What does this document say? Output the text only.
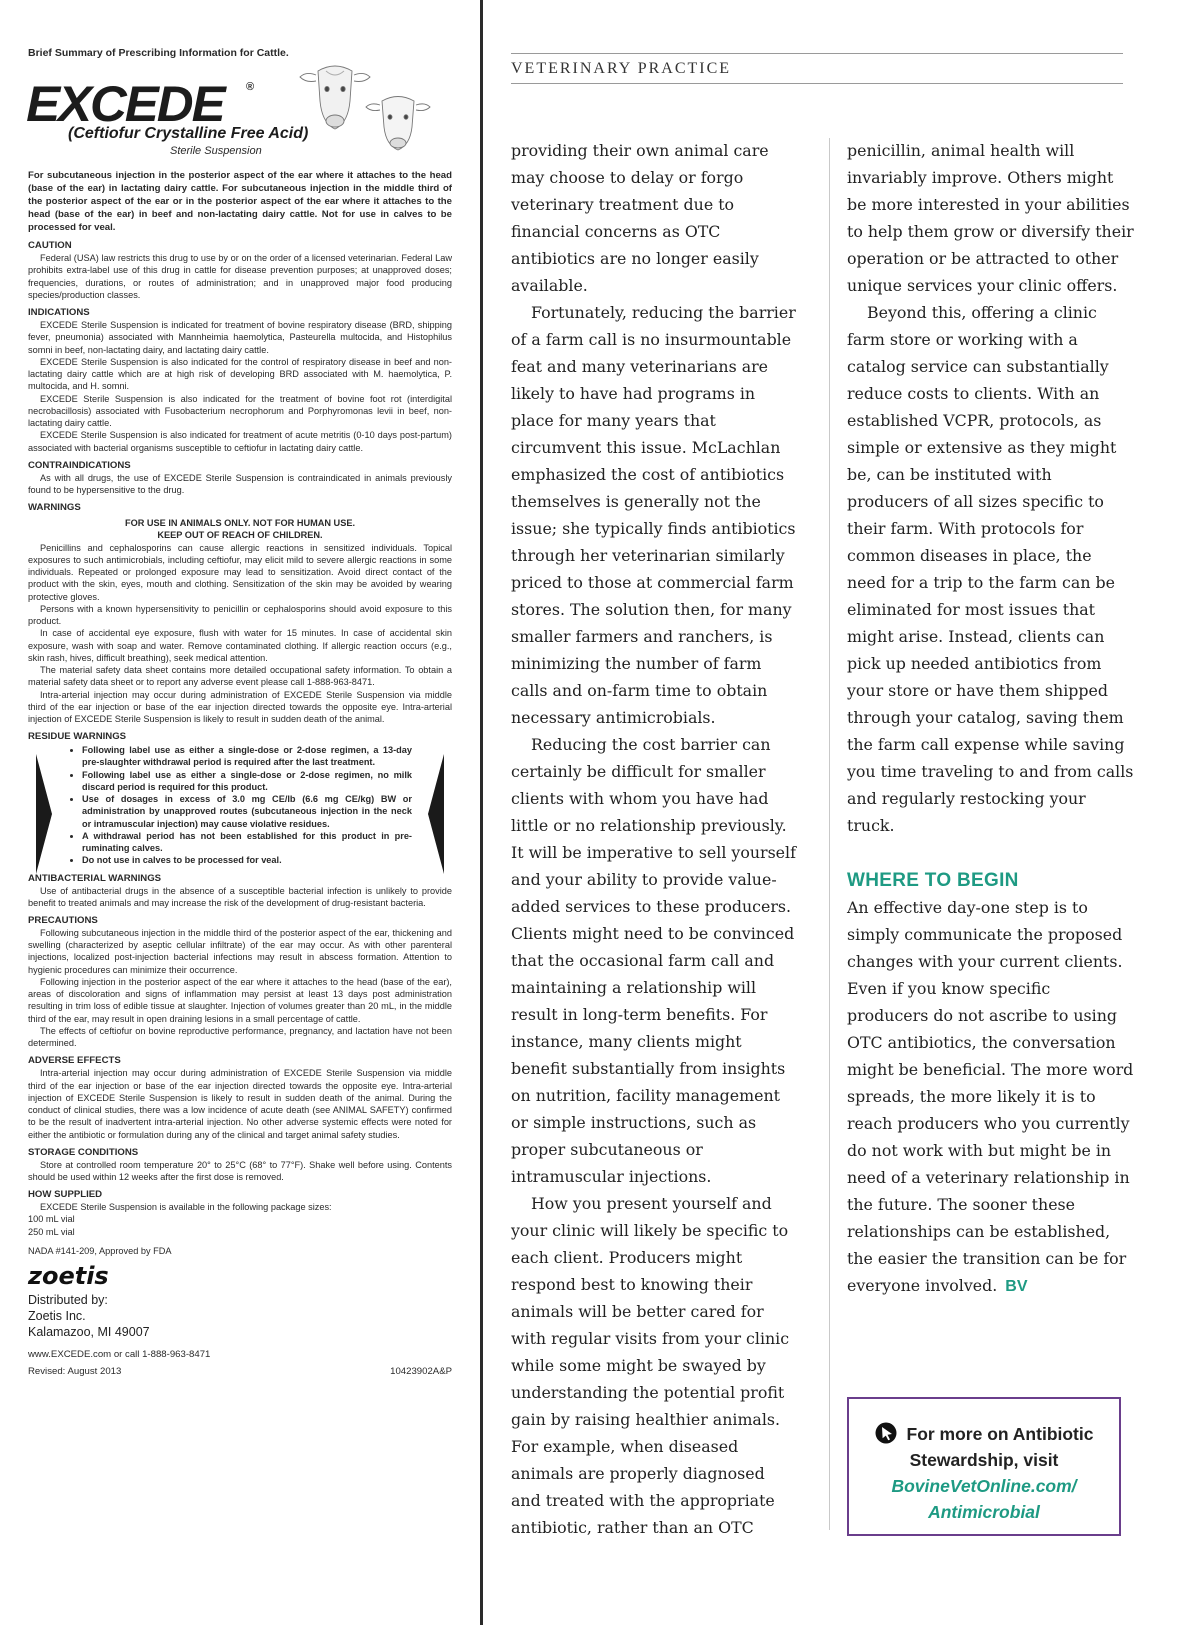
Brief Summary of Prescribing Information for Cattle.

EXCEDE ®
(Ceftiofur Crystalline Free Acid)
Sterile Suspension

For subcutaneous injection in the posterior aspect of the ear where it attaches to the head (base of the ear) in lactating dairy cattle. For subcutaneous injection in the middle third of the posterior aspect of the ear or in the posterior aspect of the ear where it attaches to the head (base of the ear) in beef and non-lactating dairy cattle. Not for use in calves to be processed for veal.

CAUTION

Federal (USA) law restricts this drug to use by or on the order of a licensed veterinarian. Federal Law prohibits extra-label use of this drug in cattle for disease prevention purposes; at unapproved doses; frequencies, durations, or routes of administration; and in unapproved major food producing species/production classes.

INDICATIONS

EXCEDE Sterile Suspension is indicated for treatment of bovine respiratory disease (BRD, shipping fever, pneumonia) associated with Mannheimia haemolytica, Pasteurella multocida, and Histophilus somni in beef, non-lactating dairy, and lactating dairy cattle.

EXCEDE Sterile Suspension is also indicated for the control of respiratory disease in beef and non-lactating dairy cattle which are at high risk of developing BRD associated with M. haemolytica, P. multocida, and H. somni.

EXCEDE Sterile Suspension is also indicated for the treatment of bovine foot rot (interdigital necrobacillosis) associated with Fusobacterium necrophorum and Porphyromonas levii in beef, non-lactating dairy cattle.

EXCEDE Sterile Suspension is also indicated for treatment of acute metritis (0-10 days post-partum) associated with bacterial organisms susceptible to ceftiofur in lactating dairy cattle.

CONTRAINDICATIONS

As with all drugs, the use of EXCEDE Sterile Suspension is contraindicated in animals previously found to be hypersensitive to the drug.

WARNINGS

FOR USE IN ANIMALS ONLY. NOT FOR HUMAN USE.

KEEP OUT OF REACH OF CHILDREN.

Penicillins and cephalosporins can cause allergic reactions in sensitized individuals. Topical exposures to such antimicrobials, including ceftiofur, may elicit mild to severe allergic reactions in some individuals. Repeated or prolonged exposure may lead to sensitization. Avoid direct contact of the product with the skin, eyes, mouth and clothing. Sensitization of the skin may be avoided by wearing protective gloves.

Persons with a known hypersensitivity to penicillin or cephalosporins should avoid exposure to this product.

In case of accidental eye exposure, flush with water for 15 minutes. In case of accidental skin exposure, wash with soap and water. Remove contaminated clothing. If allergic reaction occurs (e.g., skin rash, hives, difficult breathing), seek medical attention.

The material safety data sheet contains more detailed occupational safety information. To obtain a material safety data sheet or to report any adverse event please call 1-888-963-8471.

Intra-arterial injection may occur during administration of EXCEDE Sterile Suspension via middle third of the ear injection or base of the ear injection directed towards the opposite eye. Intra-arterial injection of EXCEDE Sterile Suspension is likely to result in sudden death of the animal.

RESIDUE WARNINGS

• Following label use as either a single-dose or 2-dose regimen, a 13-day pre-slaughter withdrawal period is required after the last treatment.
• Following label use as either a single-dose or 2-dose regimen, no milk discard period is required for this product.
• Use of dosages in excess of 3.0 mg CE/lb (6.6 mg CE/kg) BW or administration by unapproved routes (subcutaneous injection in the neck or intramuscular injection) may cause violative residues.
• A withdrawal period has not been established for this product in pre-ruminating calves.
• Do not use in calves to be processed for veal.

ANTIBACTERIAL WARNINGS

Use of antibacterial drugs in the absence of a susceptible bacterial infection is unlikely to provide benefit to treated animals and may increase the risk of the development of drug-resistant bacteria.

PRECAUTIONS

Following subcutaneous injection in the middle third of the posterior aspect of the ear, thickening and swelling (characterized by aseptic cellular infiltrate) of the ear may occur. As with other parenteral injections, localized post-injection bacterial infections may result in abscess formation. Attention to hygienic procedures can minimize their occurrence.

Following injection in the posterior aspect of the ear where it attaches to the head (base of the ear), areas of discoloration and signs of inflammation may persist at least 13 days post administration resulting in trim loss of edible tissue at slaughter. Injection of volumes greater than 20 mL, in the middle third of the ear, may result in open draining lesions in a small percentage of cattle.

The effects of ceftiofur on bovine reproductive performance, pregnancy, and lactation have not been determined.

ADVERSE EFFECTS

Intra-arterial injection may occur during administration of EXCEDE Sterile Suspension via middle third of the ear injection or base of the ear injection directed towards the opposite eye. Intra-arterial injection of EXCEDE Sterile Suspension is likely to result in sudden death of the animal. During the conduct of clinical studies, there was a low incidence of acute death (see ANIMAL SAFETY) confirmed to be the result of inadvertent intra-arterial injection. No other adverse systemic effects were noted for either the antibiotic or formulation during any of the clinical and target animal safety studies.

STORAGE CONDITIONS

Store at controlled room temperature 20° to 25°C (68° to 77°F). Shake well before using. Contents should be used within 12 weeks after the first dose is removed.

HOW SUPPLIED

EXCEDE Sterile Suspension is available in the following package sizes:

100 mL vial

250 mL vial

NADA #141-209, Approved by FDA

zoetis

Distributed by:

Zoetis Inc.

Kalamazoo, MI 49007

www.EXCEDE.com or call 1-888-963-8471

Revised: August 2013	10423902A&P
VETERINARY PRACTICE

providing their own animal care may choose to delay or forgo veterinary treatment due to financial concerns as OTC antibiotics are no longer easily available.

Fortunately, reducing the barrier of a farm call is no insurmountable feat and many veterinarians are likely to have had programs in place for many years that circumvent this issue. McLachlan emphasized the cost of antibiotics themselves is generally not the issue; she typically finds antibiotics through her veterinarian similarly priced to those at commercial farm stores. The solution then, for many smaller farmers and ranchers, is minimizing the number of farm calls and on-farm time to obtain necessary antimicrobials.

Reducing the cost barrier can certainly be difficult for smaller clients with whom you have had little or no relationship previously. It will be imperative to sell yourself and your ability to provide value-added services to these producers. Clients might need to be convinced that the occasional farm call and maintaining a relationship will result in long-term benefits. For instance, many clients might benefit substantially from insights on nutrition, facility management or simple instructions, such as proper subcutaneous or intramuscular injections.

How you present yourself and your clinic will likely be specific to each client. Producers might respond best to knowing their animals will be better cared for with regular visits from your clinic while some might be swayed by understanding the potential profit gain by raising healthier animals. For example, when diseased animals are properly diagnosed and treated with the appropriate antibiotic, rather than an OTC

penicillin, animal health will invariably improve. Others might be more interested in your abilities to help them grow or diversify their operation or be attracted to other unique services your clinic offers.

Beyond this, offering a clinic farm store or working with a catalog service can substantially reduce costs to clients. With an established VCPR, protocols, as simple or extensive as they might be, can be instituted with producers of all sizes specific to their farm. With protocols for common diseases in place, the need for a trip to the farm can be eliminated for most issues that might arise. Instead, clients can pick up needed antibiotics from your store or have them shipped through your catalog, saving them the farm call expense while saving you time traveling to and from calls and regularly restocking your truck.

WHERE TO BEGIN

An effective day-one step is to simply communicate the proposed changes with your current clients. Even if you know specific producers do not ascribe to using OTC antibiotics, the conversation might be beneficial. The more word spreads, the more likely it is to reach producers who you currently do not work with but might be in need of a veterinary relationship in the future. The sooner these relationships can be established, the easier the transition can be for everyone involved. BV

For more on Antibiotic
Stewardship, visit
BovineVetOnline.com/
Antimicrobial
